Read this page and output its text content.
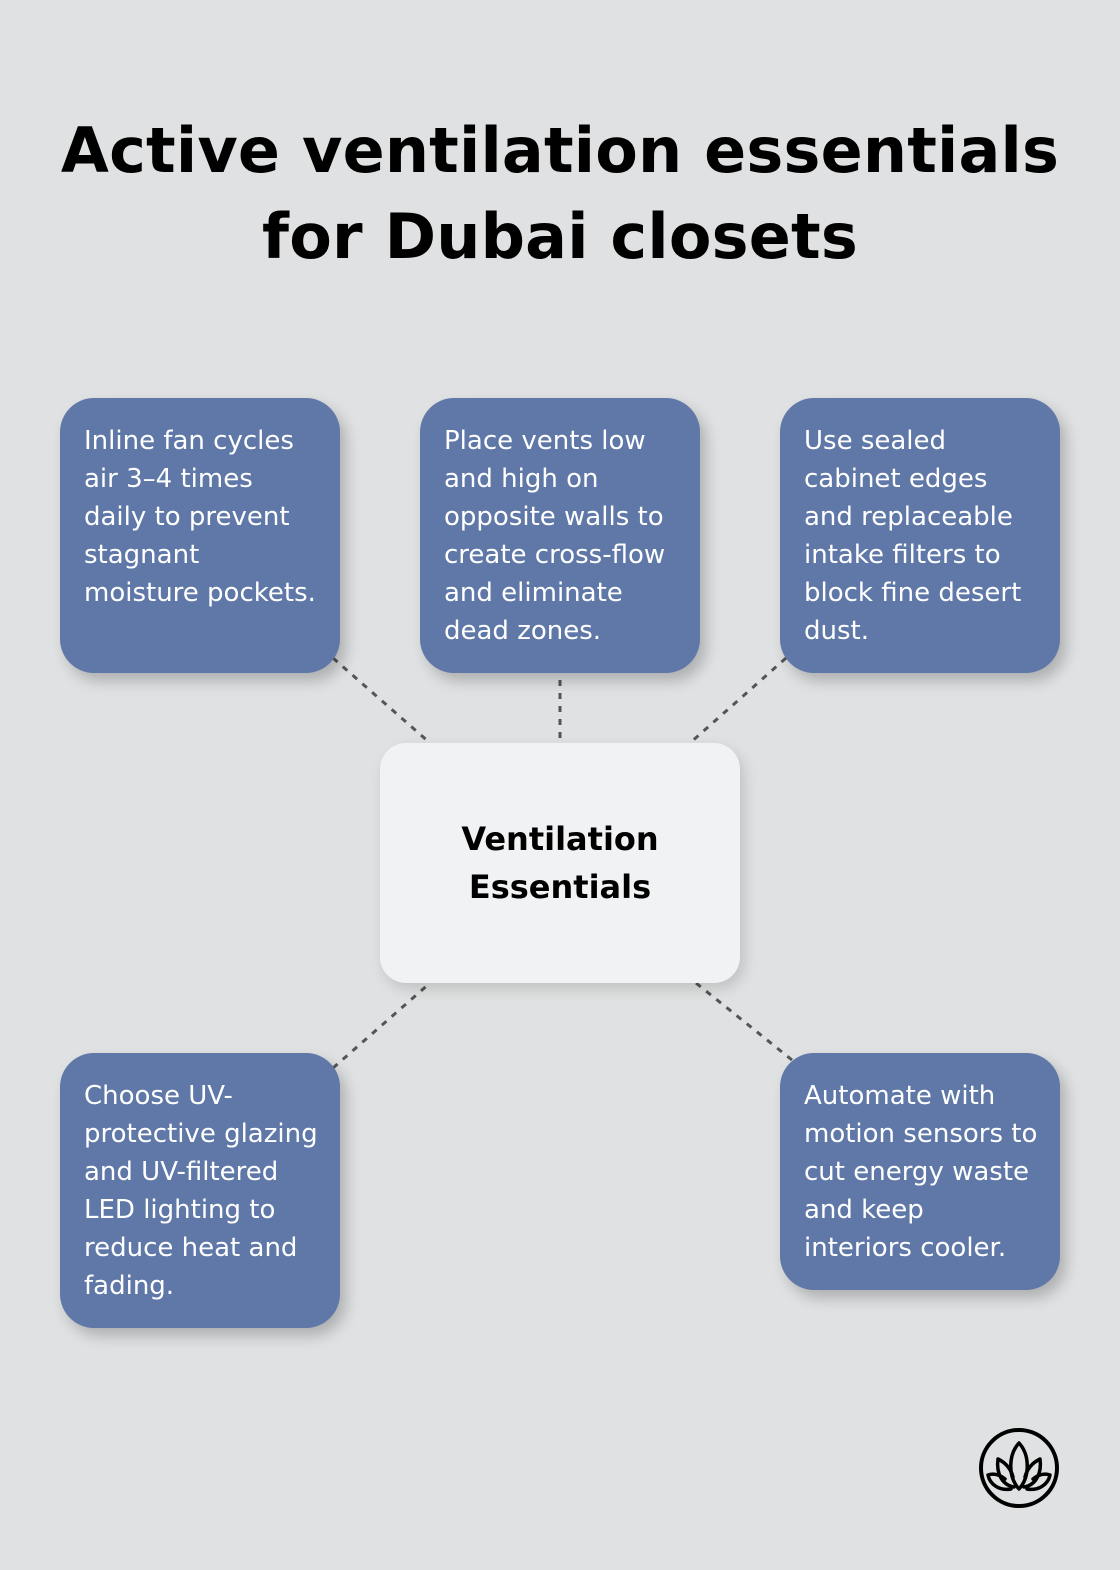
Active ventilation essentials
for Dubai closets
Inline fan cycles air 3–4 times daily to prevent stagnant moisture pockets.
Place vents low and high on opposite walls to create cross-flow and eliminate dead zones.
Use sealed cabinet edges and replaceable intake filters to block fine desert dust.
Choose UV-protective glazing and UV-filtered LED lighting to reduce heat and fading.
Automate with motion sensors to cut energy waste and keep interiors cooler.
Ventilation Essentials
